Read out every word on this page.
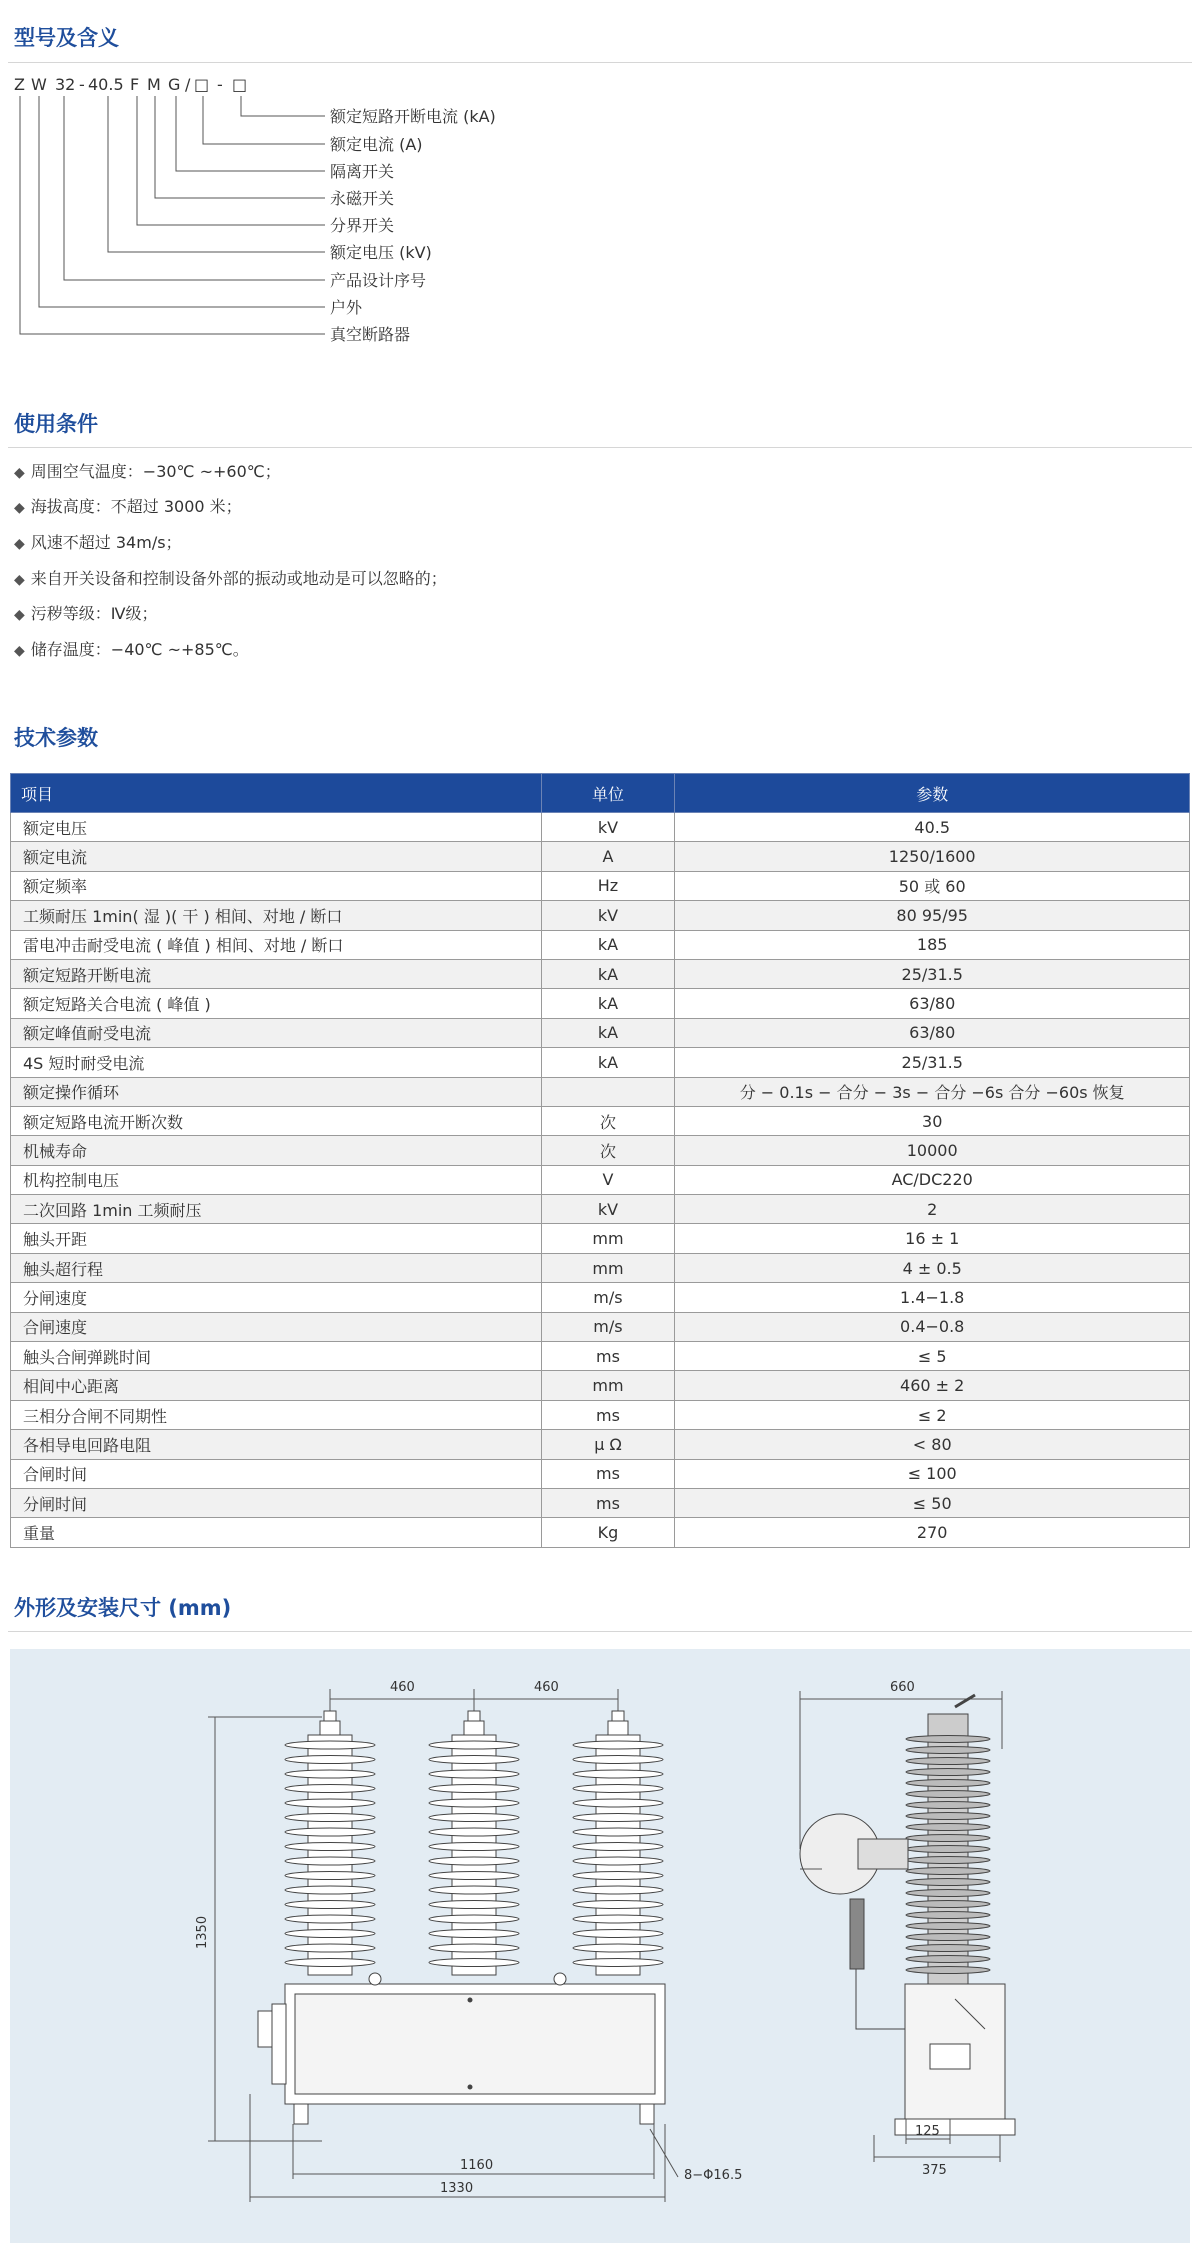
型号及含义
Z W 32 - 40.5 F M G / □ - □
额定短路开断电流 (kA)
额定电流 (A)
隔离开关
永磁开关
分界开关
额定电压 (kV)
产品设计序号
户外
真空断路器
使用条件
◆ 周围空气温度：−30℃ ~+60℃；
◆ 海拔高度：不超过 3000 米；
◆ 风速不超过 34m/s；
◆ 来自开关设备和控制设备外部的振动或地动是可以忽略的；
◆ 污秽等级：Ⅳ级；
◆ 储存温度：−40℃ ~+85℃。
技术参数
项目	单位	参数
额定电压	kV	40.5
额定电流	A	1250/1600
额定频率	Hz	50 或 60
工频耐压 1min( 湿 )( 干 ) 相间、对地 / 断口	kV	80 95/95
雷电冲击耐受电流 ( 峰值 ) 相间、对地 / 断口	kA	185
额定短路开断电流	kA	25/31.5
额定短路关合电流 ( 峰值 )	kA	63/80
额定峰值耐受电流	kA	63/80
4S 短时耐受电流	kA	25/31.5
额定操作循环		分 − 0.1s − 合分 − 3s − 合分 −6s 合分 −60s 恢复
额定短路电流开断次数	次	30
机械寿命	次	10000
机构控制电压	V	AC/DC220
二次回路 1min 工频耐压	kV	2
触头开距	mm	16 ± 1
触头超行程	mm	4 ± 0.5
分闸速度	m/s	1.4−1.8
合闸速度	m/s	0.4−0.8
触头合闸弹跳时间	ms	≤ 5
相间中心距离	mm	460 ± 2
三相分合闸不同期性	ms	≤ 2
各相导电回路电阻	μ Ω	< 80
合闸时间	ms	≤ 100
分闸时间	ms	≤ 50
重量	Kg	270
外形及安装尺寸 (mm)
460	460
1350
1160
1330
8−Φ16.5
660
125
375
